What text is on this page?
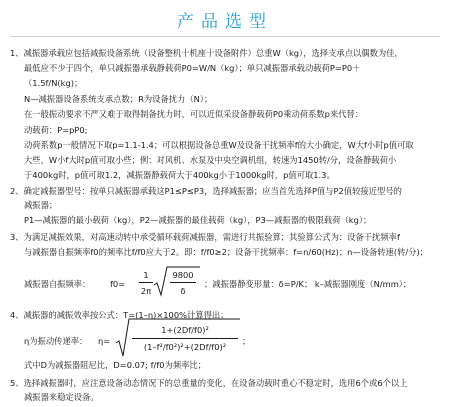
产品选型
1、减振器承载应包括减振设备系统（设备整机十机座十设备附件）总重W（kg），选择支承点以偶数为佳，
最低应不少于四个，单只减振器承载静载荷P0=W/N（kg）；单只减振器承载动载荷P=P0＋
（1.5f/N(kg)；
N—减振器设备系统支承点数；R为设备扰力（N）；
在一般振动要求不严又难于取得制备扰力时，可以近似采设备静载荷P0乘动荷系数p来代替：
动载荷：P=pP0;
动荷系数p一般情况下取p=1.1-1.4；可以根据设备总重W及设备干扰频率f的大小确定，W大f小时p值可取
大些，W小f大时p值可取小些；例：对风机、水泵及中央空调机组，转速为1450转/分，设备静载荷小
于400kg时，p值可取1.2，减振器静载荷大于400kg小于1000kg时，p值可取1.3。
2、确定减振器型号：按单只减振器承载这P1≤P≤P3，选择减振器；应当首先选择P值与P2值较接近型号的
减振器；
P1—减振器的最小载荷（kg），P2—减振器的最佳载荷（kg），P3—减振器的极限载荷（kg）；
3、为满足减振效果，对高速动转中承受循环载荷减振器，需进行共振验算；其验算公式为：设备干扰频率f
与减振器自振频率f0的频率比f/f0应大于2。即：f/f0≥2；设备干扰频率：f=n/60(Hz)；n—设备转速(转/分)；
减振器自振频率： f0=
1
2π
9800
δ
；减振器静变形量：δ=P/K； k–减振器刚度（N/mm）；
4、减振器的减振效率按公式：T=(1–η)×100%计算得出；
η为振动传递率： η=
1+(2Df/f0)²
(1–f²/f0²)²+(2Df/f0)²
；
式中D为减振器阻尼比，D=0.07; f/f0为频率比；
5、选择减振器时，应注意设备动态情况下的总重量的变化，在设备动载时重心不稳定时，选用6个或6个以上
减振器来稳定设备。
